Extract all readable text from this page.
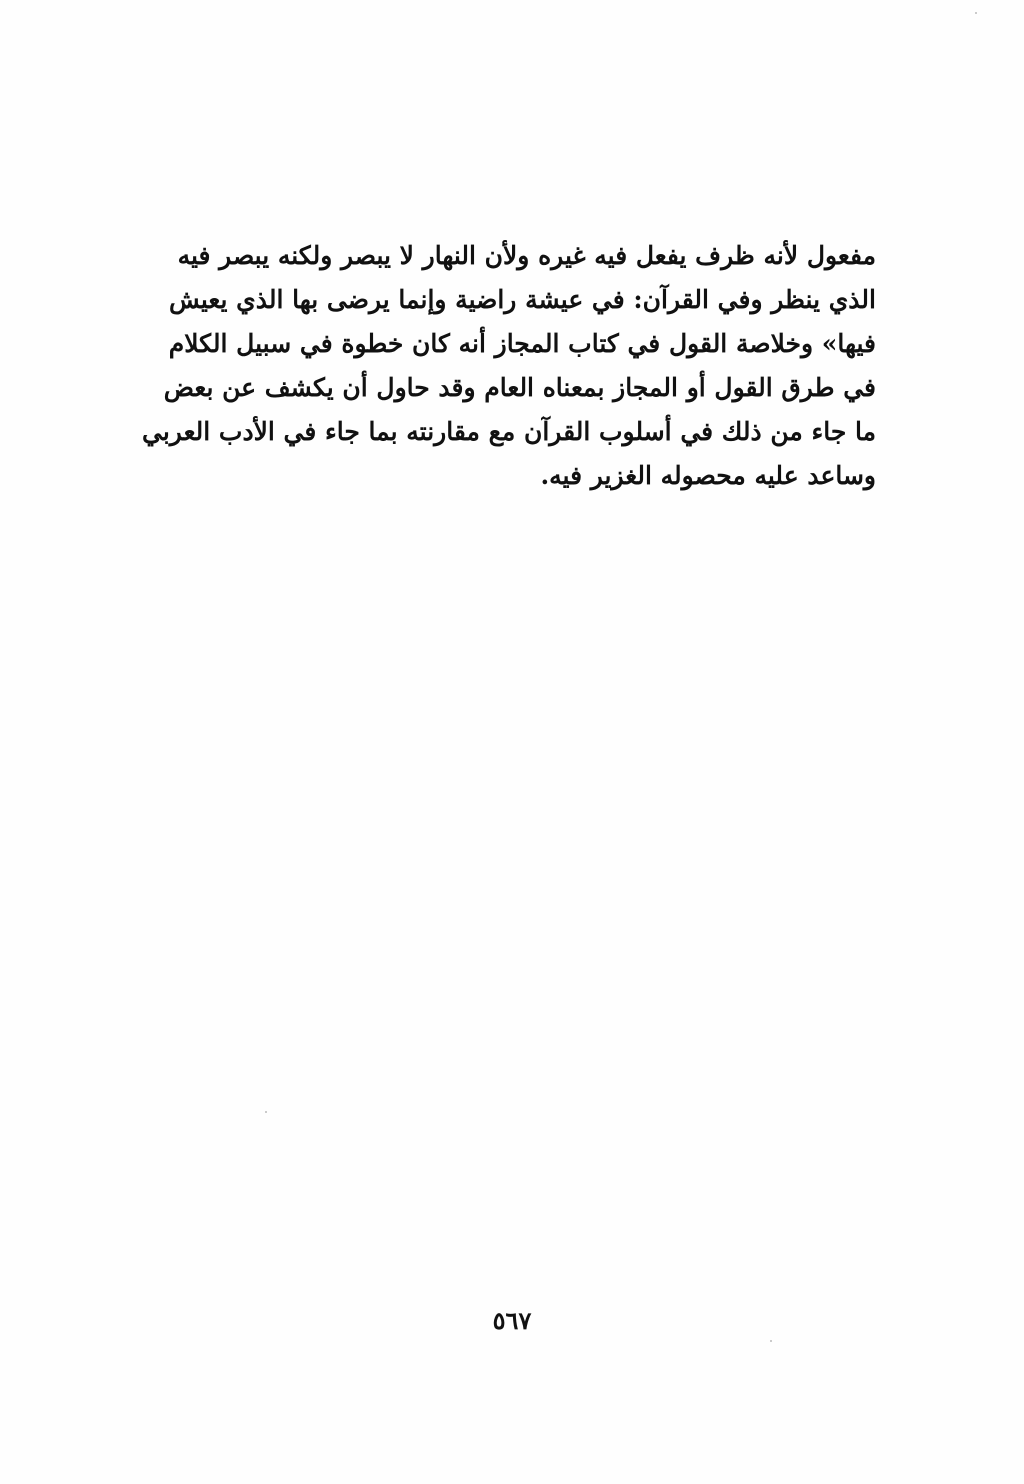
مفعول لأنه ظرف يفعل فيه غيره ولأن النهار لا يبصر ولكنه يبصر فيه
الذي ينظر وفي القرآن: في عيشة راضية وإنما يرضى بها الذي يعيش
فيها» وخلاصة القول في كتاب المجاز أنه كان خطوة في سبيل الكلام
في طرق القول أو المجاز بمعناه العام وقد حاول أن يكشف عن بعض
ما جاء من ذلك في أسلوب القرآن مع مقارنته بما جاء في الأدب العربي
وساعد عليه محصوله الغزير فيه.
٥٦٧
